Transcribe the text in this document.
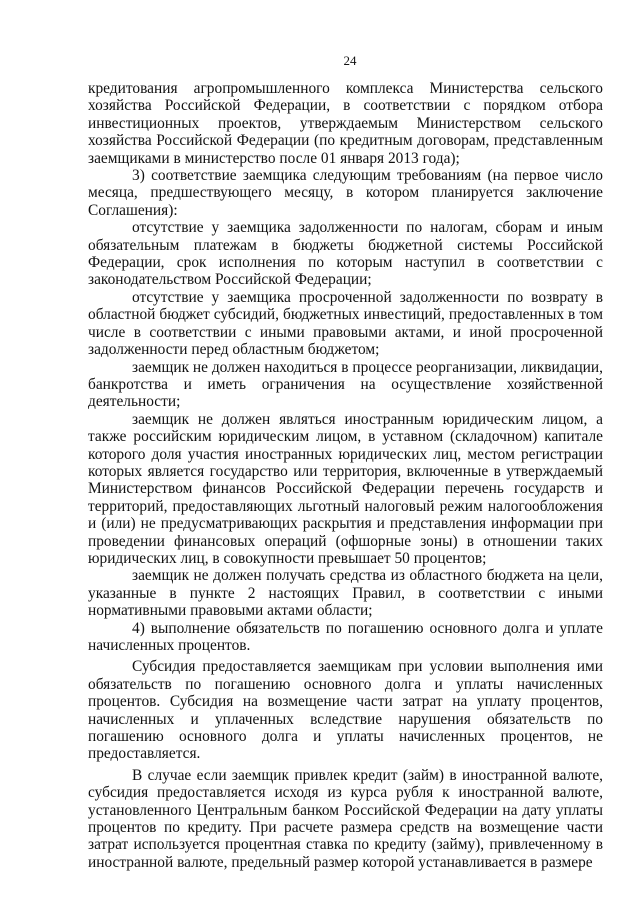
24

кредитования агропромышленного комплекса Министерства сельского хозяйства Российской Федерации, в соответствии с порядком отбора инвестиционных проектов, утверждаемым Министерством сельского хозяйства Российской Федерации (по кредитным договорам, представленным заемщиками в министерство после 01 января 2013 года);

3) соответствие заемщика следующим требованиям (на первое число месяца, предшествующего месяцу, в котором планируется заключение Соглашения):

отсутствие у заемщика задолженности по налогам, сборам и иным обязательным платежам в бюджеты бюджетной системы Российской Федерации, срок исполнения по которым наступил в соответствии с законодательством Российской Федерации;

отсутствие у заемщика просроченной задолженности по возврату в областной бюджет субсидий, бюджетных инвестиций, предоставленных в том числе в соответствии с иными правовыми актами, и иной просроченной задолженности перед областным бюджетом;

заемщик не должен находиться в процессе реорганизации, ликвидации, банкротства и иметь ограничения на осуществление хозяйственной деятельности;

заемщик не должен являться иностранным юридическим лицом, а также российским юридическим лицом, в уставном (складочном) капитале которого доля участия иностранных юридических лиц, местом регистрации которых является государство или территория, включенные в утверждаемый Министерством финансов Российской Федерации перечень государств и территорий, предоставляющих льготный налоговый режим налогообложения и (или) не предусматривающих раскрытия и представления информации при проведении финансовых операций (офшорные зоны) в отношении таких юридических лиц, в совокупности превышает 50 процентов;

заемщик не должен получать средства из областного бюджета на цели, указанные в пункте 2 настоящих Правил, в соответствии с иными нормативными правовыми актами области;

4) выполнение обязательств по погашению основного долга и уплате начисленных процентов.

Субсидия предоставляется заемщикам при условии выполнения ими обязательств по погашению основного долга и уплаты начисленных процентов. Субсидия на возмещение части затрат на уплату процентов, начисленных и уплаченных вследствие нарушения обязательств по погашению основного долга и уплаты начисленных процентов, не предоставляется.

В случае если заемщик привлек кредит (займ) в иностранной валюте, субсидия предоставляется исходя из курса рубля к иностранной валюте, установленного Центральным банком Российской Федерации на дату уплаты процентов по кредиту. При расчете размера средств на возмещение части затрат используется процентная ставка по кредиту (займу), привлеченному в иностранной валюте, предельный размер которой устанавливается в размере
